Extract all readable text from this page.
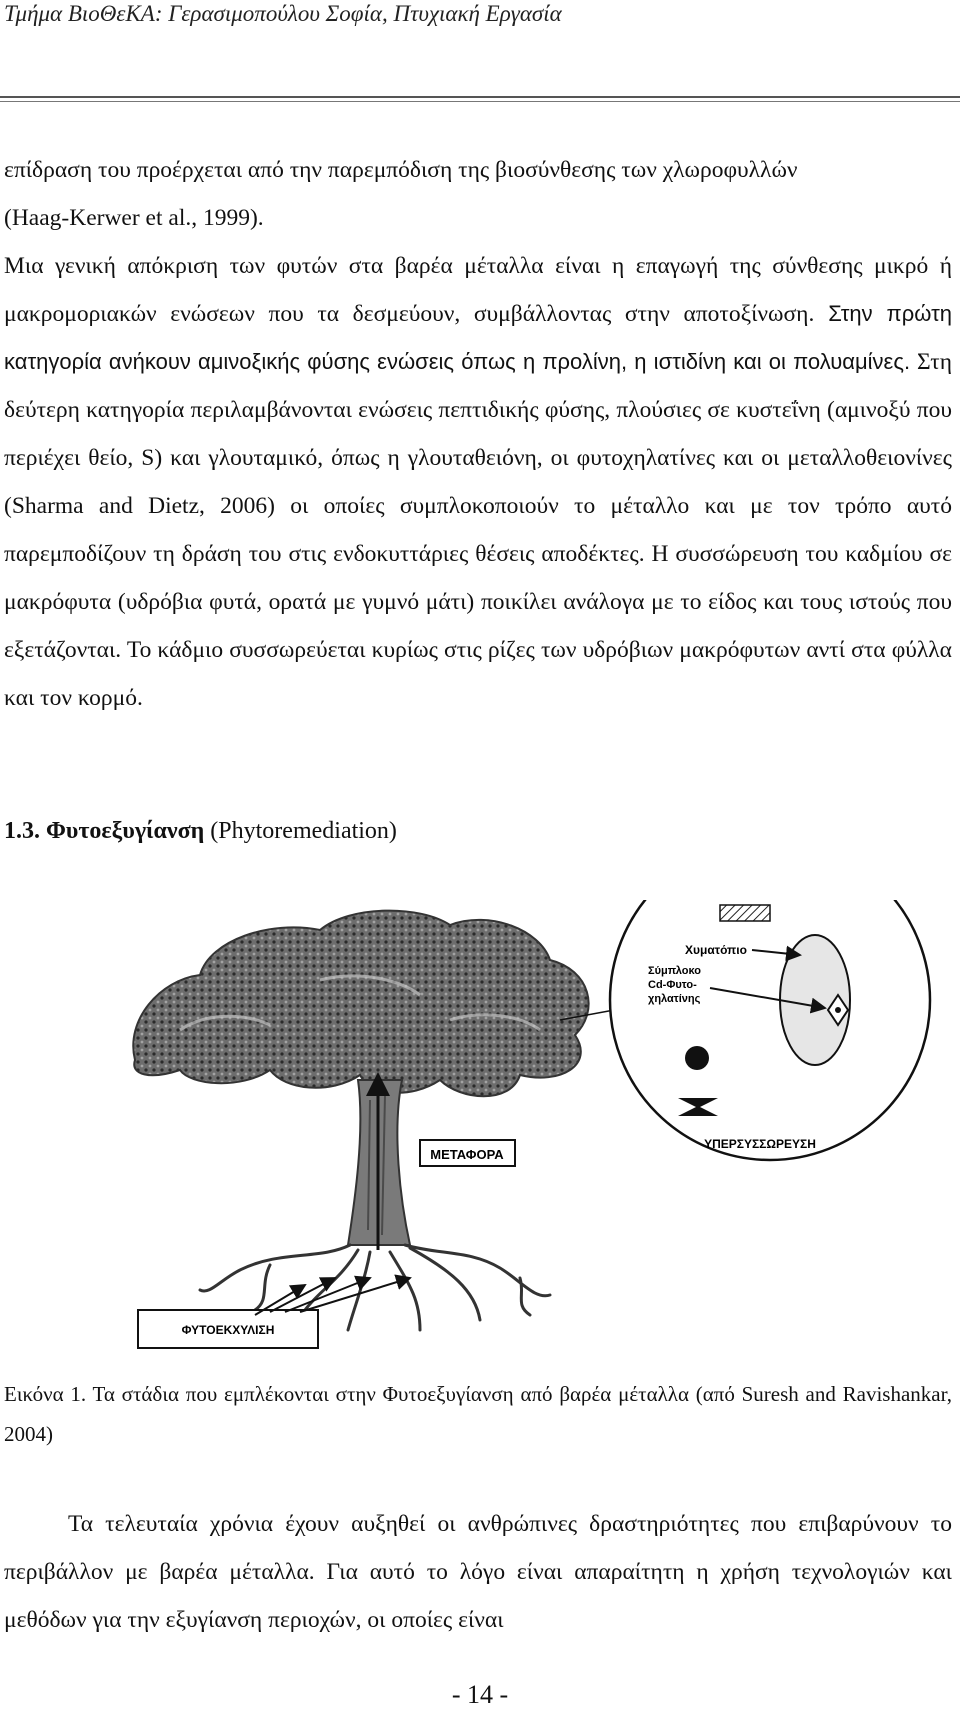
Τμήμα ΒιοΘεΚΑ: Γερασιμοπούλου Σοφία, Πτυχιακή Εργασία

επίδραση του προέρχεται από την παρεμπόδιση της βιοσύνθεσης των χλωροφυλλών
(Haag-Kerwer et al., 1999).

Μια γενική απόκριση των φυτών στα βαρέα μέταλλα είναι η επαγωγή της σύνθεσης μικρό ή μακρομοριακών ενώσεων που τα δεσμεύουν, συμβάλλοντας στην αποτοξίνωση. Στην πρώτη κατηγορία ανήκουν αμινοξικής φύσης ενώσεις όπως η προλίνη, η ιστιδίνη και οι πολυαμίνες. Στη δεύτερη κατηγορία περιλαμβάνονται ενώσεις πεπτιδικής φύσης, πλούσιες σε κυστεΐνη (αμινοξύ που περιέχει θείο, S) και γλουταμικό, όπως η γλουταθειόνη, οι φυτοχηλατίνες και οι μεταλλοθειονίνες (Sharma and Dietz, 2006) οι οποίες συμπλοκοποιούν το μέταλλο και με τον τρόπο αυτό παρεμποδίζουν τη δράση του στις ενδοκυττάριες θέσεις αποδέκτες. Η συσσώρευση του καδμίου σε μακρόφυτα (υδρόβια φυτά, ορατά με γυμνό μάτι) ποικίλει ανάλογα με το είδος και τους ιστούς που εξετάζονται. Το κάδμιο συσσωρεύεται κυρίως στις ρίζες των υδρόβιων μακρόφυτων αντί στα φύλλα και τον κορμό.

1.3. Φυτοεξυγίανση (Phytoremediation)
ΜΕΤΑΦΟΡΑ
ΦΥΤΟΕΚΧΥΛΙΣΗ
Χυματόπιο
Σύμπλοκο
Cd-Φυτο-
χηλατίνης
ΥΠΕΡΣΥΣΣΩΡΕΥΣΗ

Εικόνα 1. Τα στάδια που εμπλέκονται στην Φυτοεξυγίανση από βαρέα μέταλλα (από Suresh and Ravishankar, 2004)

Τα τελευταία χρόνια έχουν αυξηθεί οι ανθρώπινες δραστηριότητες που επιβαρύνουν το περιβάλλον με βαρέα μέταλλα. Για αυτό το λόγο είναι απαραίτητη η χρήση τεχνολογιών και μεθόδων για την εξυγίανση περιοχών, οι οποίες είναι

- 14 -
